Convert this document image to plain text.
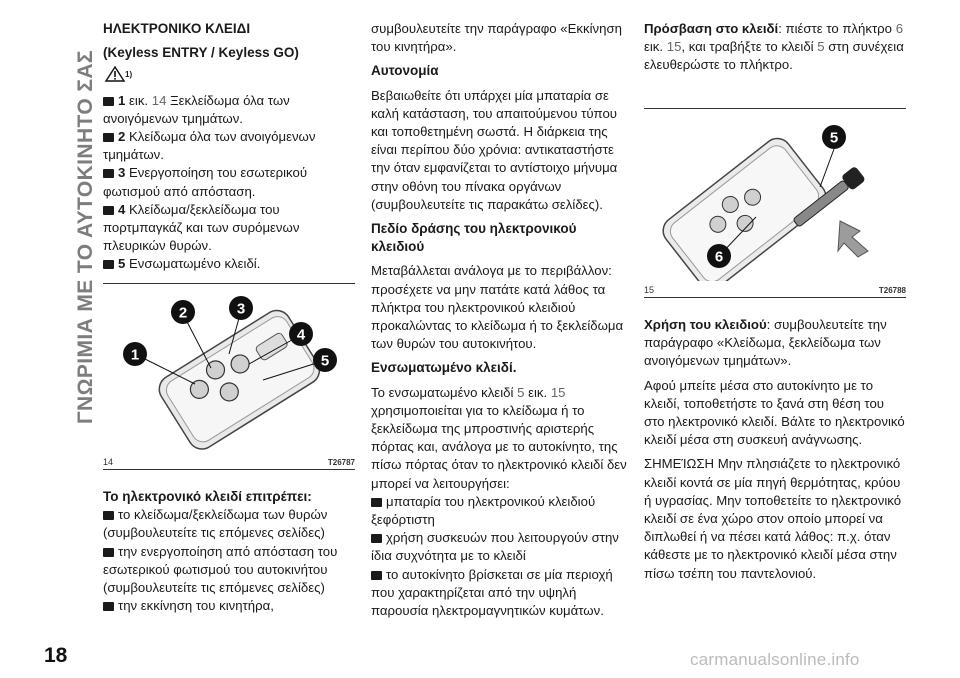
ΓΝΩΡΙΜΙΑ ΜΕ ΤΟ ΑΥΤΟΚΙΝΗΤΟ ΣΑΣ
18
ΗΛΕΚΤΡΟΝΙΚΟ ΚΛΕΙΔΙ
(Keyless ENTRY / Keyless GO)
$^{1)}$
1 εικ. 14 Ξεκλείδωμα όλα των ανοιγόμενων τμημάτων.
2 Κλείδωμα όλα των ανοιγόμενων τμημάτων.
3 Ενεργοποίηση του εσωτερικού φωτισμού από απόσταση.
4 Κλείδωμα/ξεκλείδωμα του πορτμπαγκάζ και των συρόμενων πλευρικών θυρών.
5 Ενσωματωμένο κλειδί.
1
2	3
4
5
14	T26787
Το ηλεκτρονικό κλειδί επιτρέπει:
το κλείδωμα/ξεκλείδωμα των θυρών (συμβουλευτείτε τις επόμενες σελίδες)
την ενεργοποίηση από απόσταση του εσωτερικού φωτισμού του αυτοκινήτου (συμβουλευτείτε τις επόμενες σελίδες)
την εκκίνηση του κινητήρα,
συμβουλευτείτε την παράγραφο «Εκκίνηση του κινητήρα».
Αυτονομία
Βεβαιωθείτε ότι υπάρχει μία μπαταρία σε καλή κατάσταση, του απαιτούμενου τύπου και τοποθετημένη σωστά. Η διάρκεια της είναι περίπου δύο χρόνια: αντικαταστήστε την όταν εμφανίζεται το αντίστοιχο μήνυμα στην οθόνη του πίνακα οργάνων (συμβουλευτείτε τις παρακάτω σελίδες).
Πεδίο δράσης του ηλεκτρονικού κλειδιού
Μεταβάλλεται ανάλογα με το περιβάλλον: προσέχετε να μην πατάτε κατά λάθος τα πλήκτρα του ηλεκτρονικού κλειδιού προκαλώντας το κλείδωμα ή το ξεκλείδωμα των θυρών του αυτοκινήτου.
Ενσωματωμένο κλειδί.
Το ενσωματωμένο κλειδί 5 εικ. 15 χρησιμοποιείται για το κλείδωμα ή το ξεκλείδωμα της μπροστινής αριστερής πόρτας και, ανάλογα με το αυτοκίνητο, της πίσω πόρτας όταν το ηλεκτρονικό κλειδί δεν μπορεί να λειτουργήσει:
μπαταρία του ηλεκτρονικού κλειδιού ξεφόρτιστη
χρήση συσκευών που λειτουργούν στην ίδια συχνότητα με το κλειδί
το αυτοκίνητο βρίσκεται σε μία περιοχή που χαρακτηρίζεται από την υψηλή παρουσία ηλεκτρομαγνητικών κυμάτων.
Πρόσβαση στο κλειδί: πιέστε το πλήκτρο 6 εικ. 15, και τραβήξτε το κλειδί 5 στη συνέχεια ελευθερώστε το πλήκτρο.
5
6
15	T26788
Χρήση του κλειδιού: συμβουλευτείτε την παράγραφο «Κλείδωμα, ξεκλείδωμα των ανοιγόμενων τμημάτων».
Αφού μπείτε μέσα στο αυτοκίνητο με το κλειδί, τοποθετήστε το ξανά στη θέση του στο ηλεκτρονικό κλειδί. Βάλτε το ηλεκτρονικό κλειδί μέσα στη συσκευή ανάγνωσης.
ΣΗΜΕΊΩΣΗ Μην πλησιάζετε το ηλεκτρονικό κλειδί κοντά σε μία πηγή θερμότητας, κρύου ή υγρασίας. Μην τοποθετείτε το ηλεκτρονικό κλειδί σε ένα χώρο στον οποίο μπορεί να διπλωθεί ή να πέσει κατά λάθος: π.χ. όταν κάθεστε με το ηλεκτρονικό κλειδί μέσα στην πίσω τσέπη του παντελονιού.
carmanualsonline.info
